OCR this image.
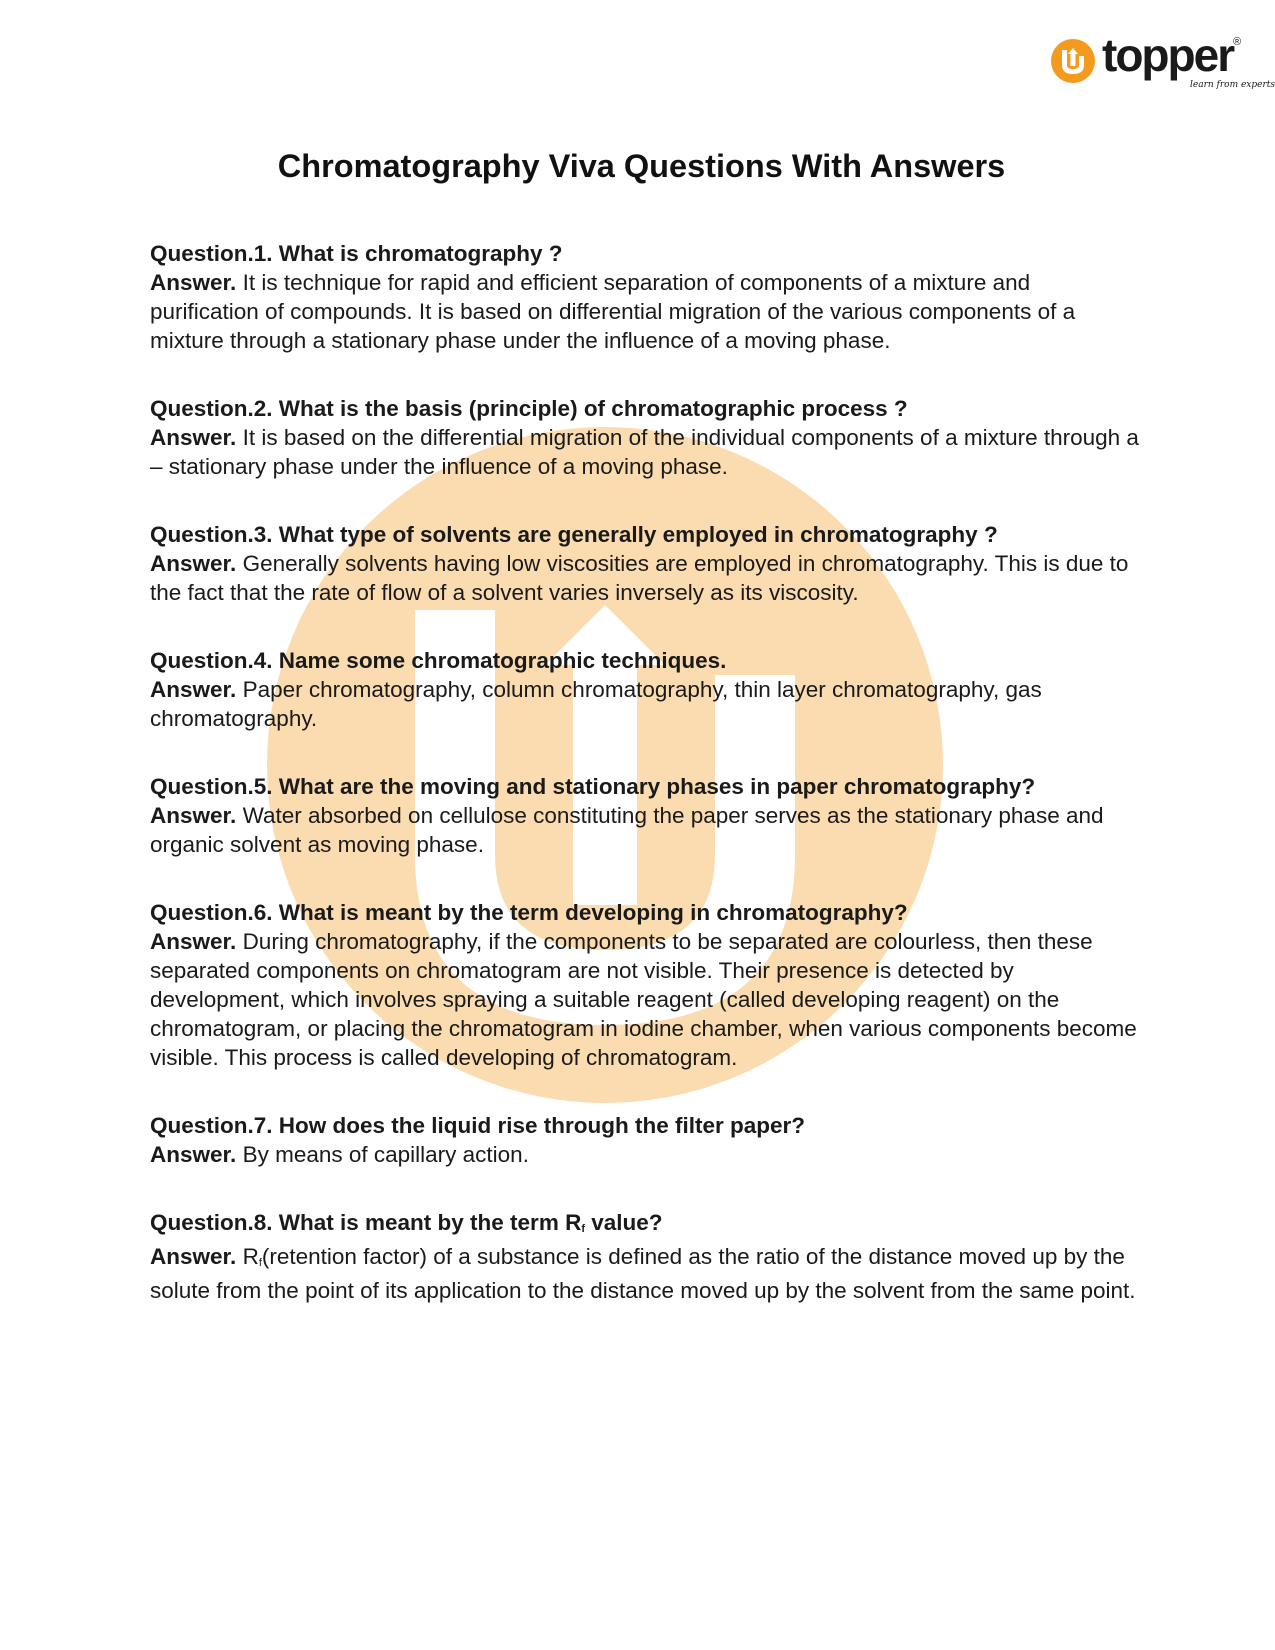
topper ®
learn from experts
Chromatography Viva Questions With Answers

Question.1. What is chromatography ?

Answer. It is technique for rapid and efficient separation of components of a mixture and purification of compounds. It is based on differential migration of the various components of a mixture through a stationary phase under the influence of a moving phase.

Question.2. What is the basis (principle) of chromatographic process ?

Answer. It is based on the differential migration of the individual components of a mixture through a – stationary phase under the influence of a moving phase.

Question.3. What type of solvents are generally employed in chromatography ?

Answer. Generally solvents having low viscosities are employed in chromatography. This is due to the fact that the rate of flow of a solvent varies inversely as its viscosity.

Question.4. Name some chromatographic techniques.

Answer. Paper chromatography, column chromatography, thin layer chromatography, gas chromatography.

Question.5. What are the moving and stationary phases in paper chromatography?

Answer. Water absorbed on cellulose constituting the paper serves as the stationary phase and organic solvent as moving phase.

Question.6. What is meant by the term developing in chromatography?

Answer. During chromatography, if the components to be separated are colourless, then these separated components on chromatogram are not visible. Their presence is detected by development, which involves spraying a suitable reagent (called developing reagent) on the chromatogram, or placing the chromatogram in iodine chamber, when various components become visible. This process is called developing of chromatogram.

Question.7. How does the liquid rise through the filter paper?

Answer. By means of capillary action.

Question.8. What is meant by the term $R_f$ value?

Answer. $R_f(retention$ factor) of a substance is defined as the ratio of the distance moved up by the solute from the point of its application to the distance moved up by the solvent from the same point.
